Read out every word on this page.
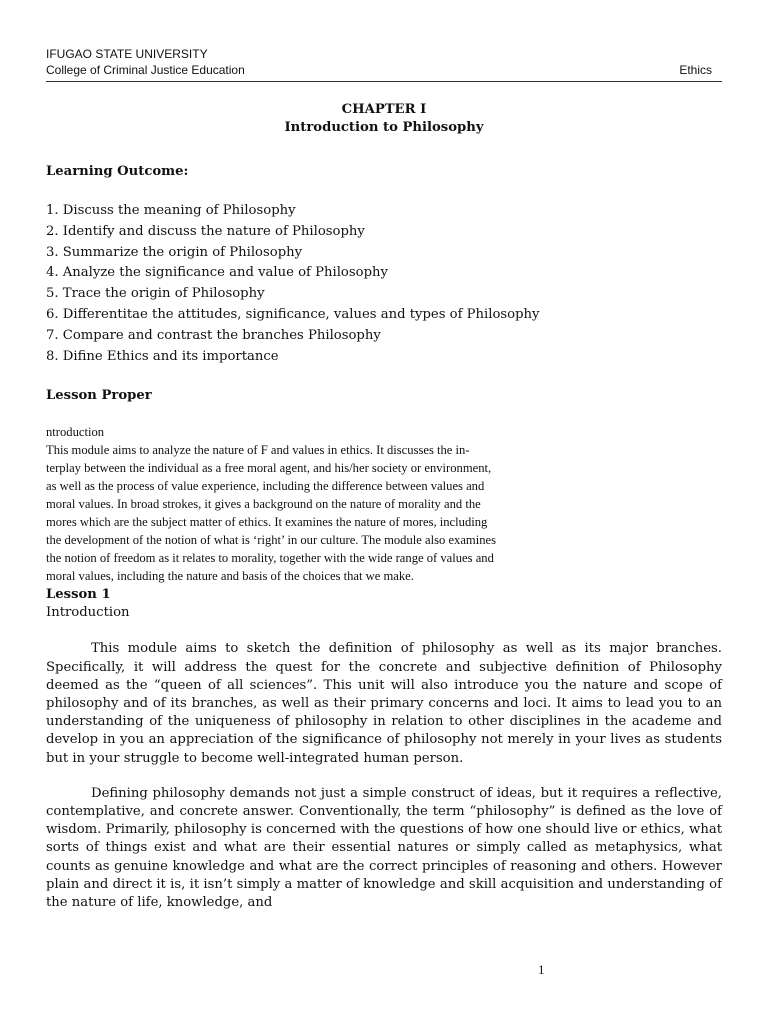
IFUGAO STATE UNIVERSITY
College of Criminal Justice Education	Ethics
CHAPTER I
Introduction to Philosophy
Learning Outcome:
1. Discuss the meaning of Philosophy
2. Identify and discuss the nature of Philosophy
3. Summarize the origin of Philosophy
4. Analyze the significance and value of Philosophy
5. Trace the origin of Philosophy
6. Differentitae the attitudes, significance, values and types of Philosophy
7. Compare and contrast the branches Philosophy
8. Difine Ethics and its importance
Lesson Proper
ntroduction
This module aims to analyze the nature of F and values in ethics. It discusses the in-
terplay between the individual as a free moral agent, and his/her society or environment,
as well as the process of value experience, including the difference between values and
moral values. In broad strokes, it gives a background on the nature of morality and the
mores which are the subject matter of ethics. It examines the nature of mores, including
the development of the notion of what is ‘right’ in our culture. The module also examines
the notion of freedom as it relates to morality, together with the wide range of values and
moral values, including the nature and basis of the choices that we make.
Lesson 1
Introduction

This module aims to sketch the definition of philosophy as well as its major branches. Specifically, it will address the quest for the concrete and subjective definition of Philosophy deemed as the “queen of all sciences”. This unit will also introduce you the nature and scope of philosophy and of its branches, as well as their primary concerns and loci. It aims to lead you to an understanding of the uniqueness of philosophy in relation to other disciplines in the academe and develop in you an appreciation of the significance of philosophy not merely in your lives as students but in your struggle to become well-integrated human person.

Defining philosophy demands not just a simple construct of ideas, but it requires a reflective, contemplative, and concrete answer. Conventionally, the term “philosophy” is defined as the love of wisdom. Primarily, philosophy is concerned with the questions of how one should live or ethics, what sorts of things exist and what are their essential natures or simply called as metaphysics, what counts as genuine knowledge and what are the correct principles of reasoning and others. However plain and direct it is, it isn’t simply a matter of knowledge and skill acquisition and understanding of the nature of life, knowledge, and

1
